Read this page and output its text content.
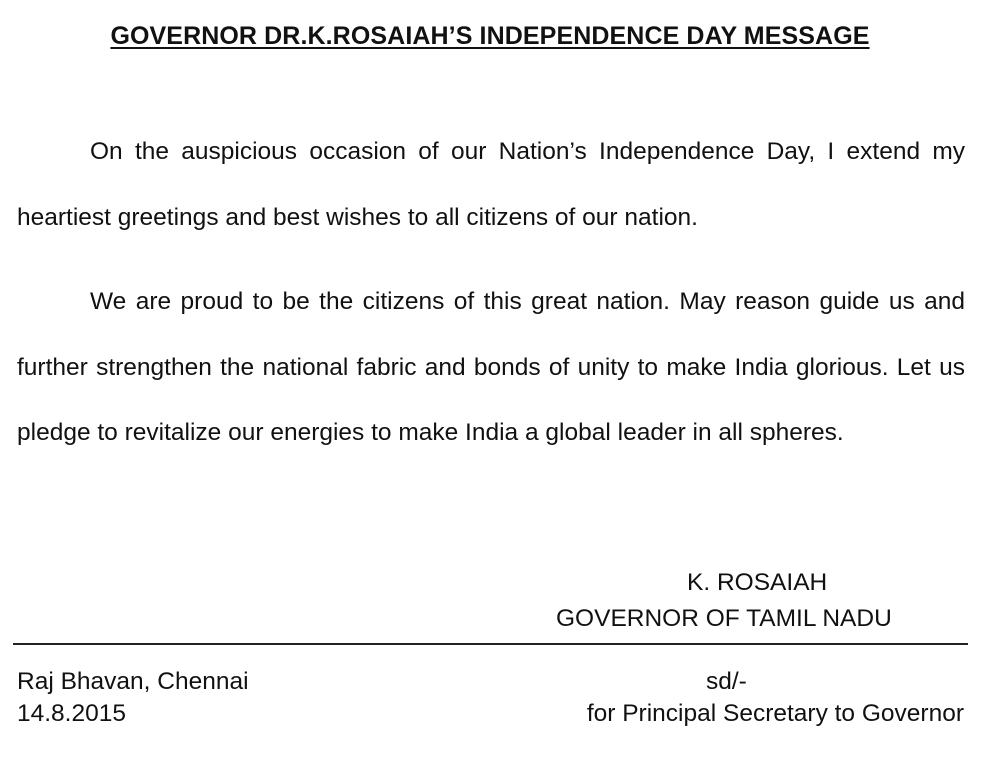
GOVERNOR DR.K.ROSAIAH’S INDEPENDENCE DAY MESSAGE

On the auspicious occasion of our Nation’s Independence Day, I extend my heartiest greetings and best wishes to all citizens of our nation.

We are proud to be the citizens of this great nation. May reason guide us and further strengthen the national fabric and bonds of unity to make India glorious. Let us pledge to revitalize our energies to make India a global leader in all spheres.

K. ROSAIAH
GOVERNOR OF TAMIL NADU
Raj Bhavan, Chennai
14.8.2015
sd/-
for Principal Secretary to Governor
